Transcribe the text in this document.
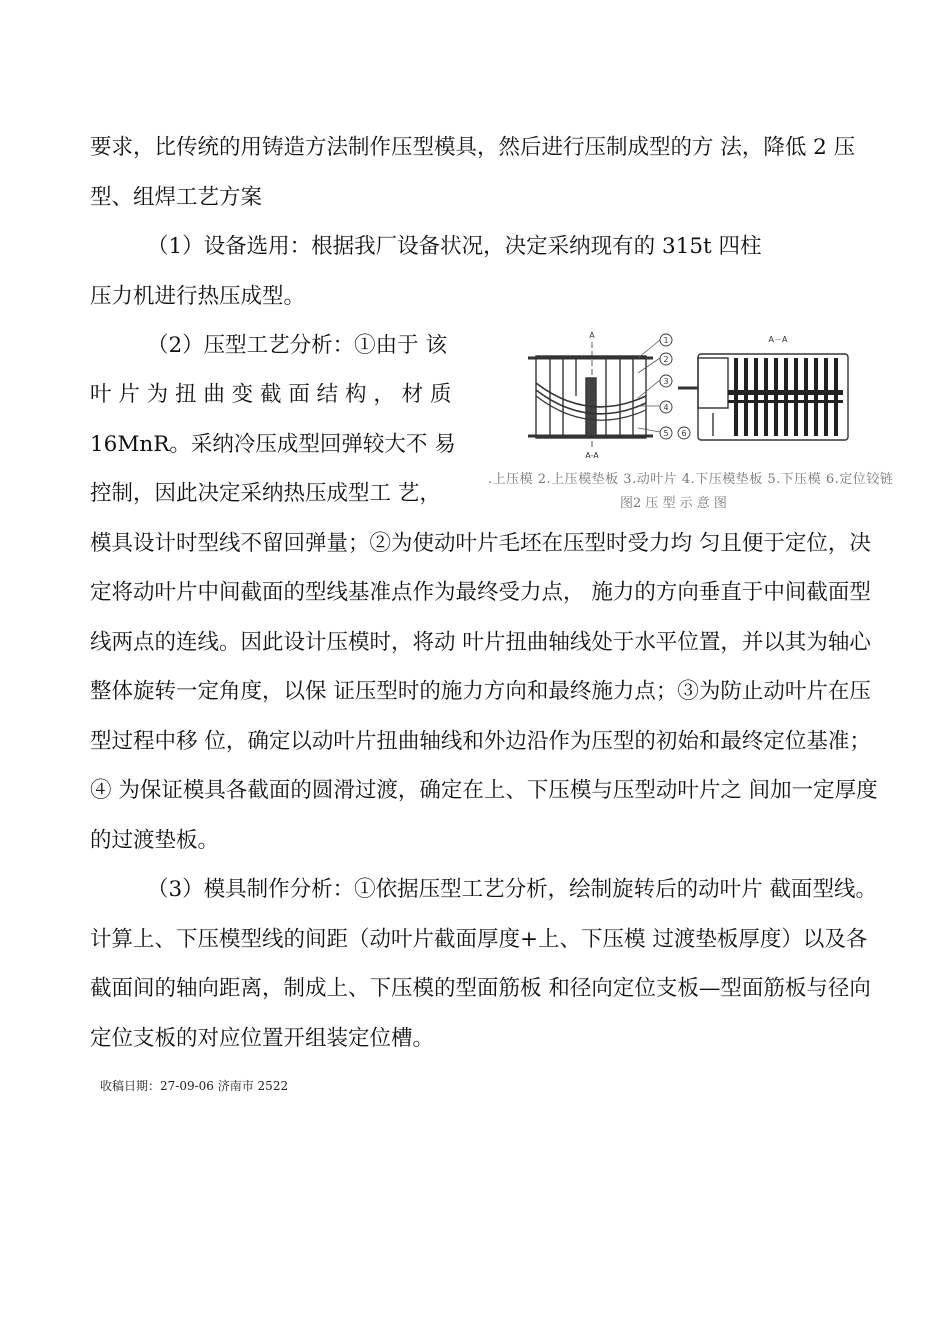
要求，比传统的用铸造方法制作压型模具，然后进行压制成型的方 法，降低 2 压
型、组焊工艺方案
（1）设备选用：根据我厂设备状况，决定采纳现有的 315t 四柱
压力机进行热压成型。
（2）压型工艺分析：①由于 该
叶 片 为 扭 曲 变 截 面 结 构 ， 材 质
16MnR。采纳冷压成型回弹较大不 易
控制，因此决定采纳热压成型工 艺，
模具设计时型线不留回弹量；②为使动叶片毛坯在压型时受力均 匀且便于定位，决
定将动叶片中间截面的型线基准点作为最终受力点， 施力的方向垂直于中间截面型
线两点的连线。因此设计压模时，将动 叶片扭曲轴线处于水平位置，并以其为轴心
整体旋转一定角度，以保 证压型时的施力方向和最终施力点；③为防止动叶片在压
型过程中移 位，确定以动叶片扭曲轴线和外边沿作为压型的初始和最终定位基准；
④ 为保证模具各截面的圆滑过渡，确定在上、下压模与压型动叶片之 间加一定厚度
的过渡垫板。
（3）模具制作分析：①依据压型工艺分析，绘制旋转后的动叶片 截面型线。
计算上、下压模型线的间距（动叶片截面厚度+上、下压模 过渡垫板厚度）以及各
截面间的轴向距离，制成上、下压模的型面筋板 和径向定位支板—型面筋板与径向
定位支板的对应位置开组装定位槽。
收稿日期：27-09-06 济南市 2522
1
2
3
4
5 6
A
A-A
A－A
.上压模 2.上压模垫板 3.动叶片 4.下压模垫板 5.下压模 6.定位铰链
图2 压 型 示 意 图
